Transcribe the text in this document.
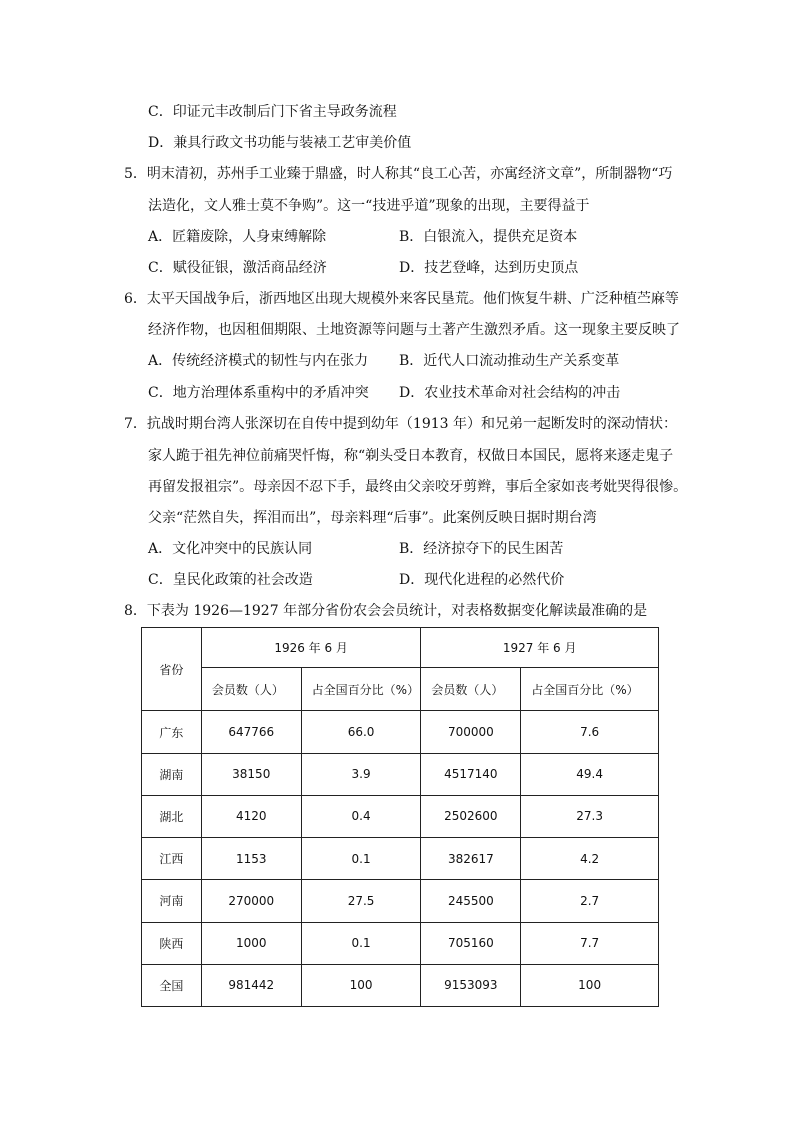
C．印证元丰改制后门下省主导政务流程
D．兼具行政文书功能与装裱工艺审美价值
5．明末清初，苏州手工业臻于鼎盛，时人称其“良工心苦，亦寓经济文章”，所制器物“巧
法造化，文人雅士莫不争购”。这一“技进乎道”现象的出现，主要得益于
A．匠籍废除，人身束缚解除	B．白银流入，提供充足资本
C．赋役征银，激活商品经济	D．技艺登峰，达到历史顶点
6．太平天国战争后，浙西地区出现大规模外来客民垦荒。他们恢复牛耕、广泛种植苎麻等
经济作物，也因租佃期限、土地资源等问题与土著产生激烈矛盾。这一现象主要反映了
A．传统经济模式的韧性与内在张力 B．近代人口流动推动生产关系变革
C．地方治理体系重构中的矛盾冲突 D．农业技术革命对社会结构的冲击
7．抗战时期台湾人张深切在自传中提到幼年（1913 年）和兄弟一起断发时的深动情状：
家人跪于祖先神位前痛哭忏悔，称“剃头受日本教育，权做日本国民，愿将来逐走鬼子
再留发报祖宗”。母亲因不忍下手，最终由父亲咬牙剪辫，事后全家如丧考妣哭得很惨。
父亲“茫然自失，挥泪而出”，母亲料理“后事”。此案例反映日据时期台湾
A．文化冲突中的民族认同	B．经济掠夺下的民生困苦
C．皇民化政策的社会改造	D．现代化进程的必然代价
8．下表为 1926—1927 年部分省份农会会员统计，对表格数据变化解读最准确的是
省份	1926 年 6 月		1927 年 6 月	
	会员数（人）	占全国百分比（%）	会员数（人）	占全国百分比（%）
广东	647766	66.0	700000	7.6
湖南	38150	3.9	4517140	49.4
湖北	4120	0.4	2502600	27.3
江西	1153	0.1	382617	4.2
河南	270000	27.5	245500	2.7
陕西	1000	0.1	705160	7.7
全国	981442	100	9153093	100
